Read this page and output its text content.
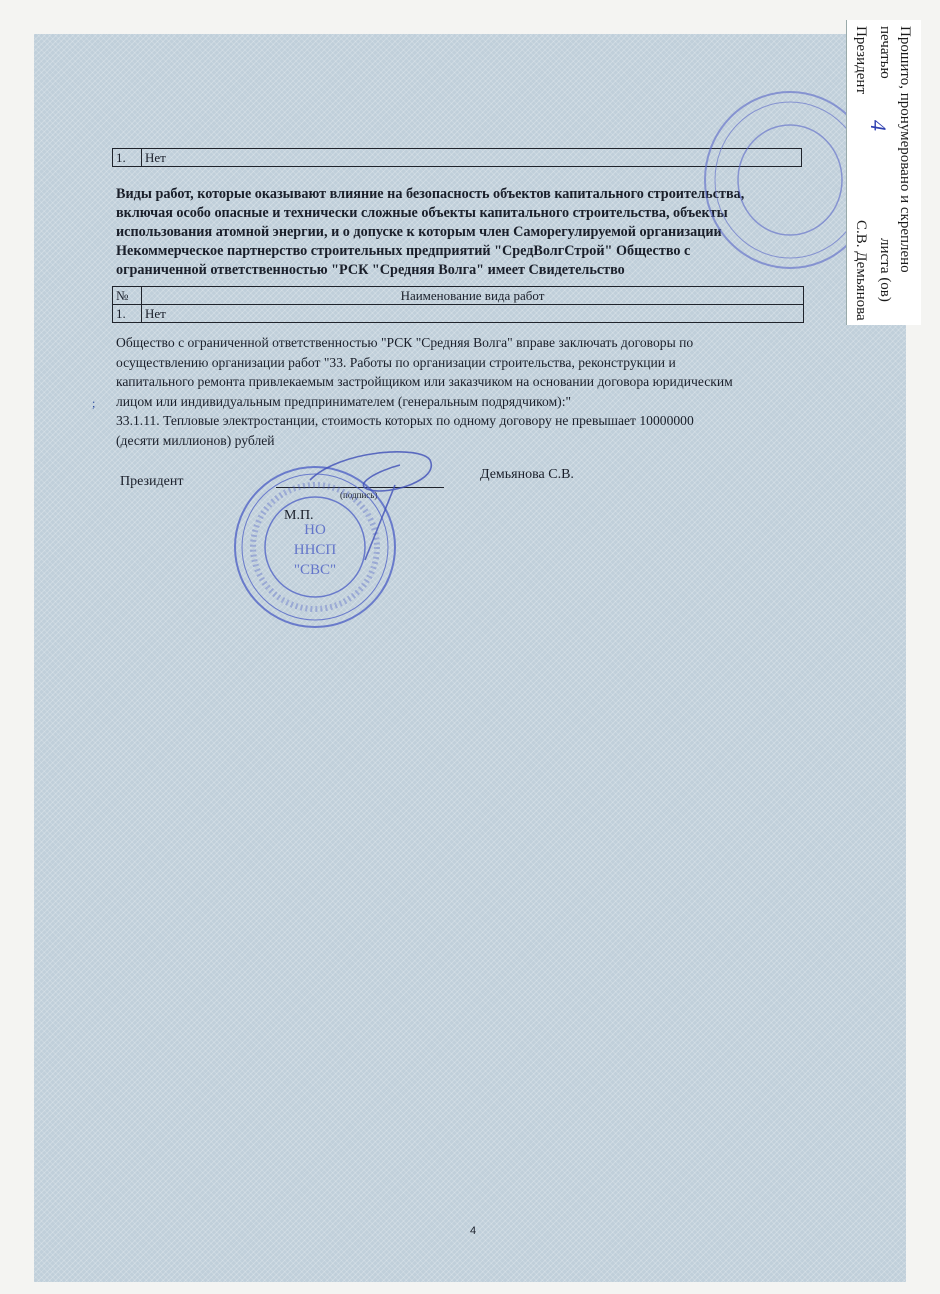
1.	Нет
Виды работ, которые оказывают влияние на безопасность объектов капитального строительства,
включая особо опасные и технически сложные объекты капитального строительства, объекты
использования атомной энергии, и о допуске к которым член Саморегулируемой организации
Некоммерческое партнерство строительных предприятий "СредВолгСтрой" Общество с
ограниченной ответственностью "РСК "Средняя Волга" имеет Свидетельство
№	Наименование вида работ
1.	Нет
Общество с ограниченной ответственностью "РСК "Средняя Волга" вправе заключать договоры по
осуществлению организации работ "33. Работы по организации строительства, реконструкции и
капитального ремонта привлекаемым застройщиком или заказчиком на основании договора юридическим
лицом или индивидуальным предпринимателем (генеральным подрядчиком):"
33.1.11. Тепловые электростанции, стоимость которых по одному договору не превышает 10000000
(десяти миллионов) рублей
;
Президент
(подпись)
Демьянова С.В.
М.П.
НО
ННСП
"СВС"
Прошито, пронумеровано и скреплено
печатью
листа (ов)
Президент
С.В. Демьянова
4
4
